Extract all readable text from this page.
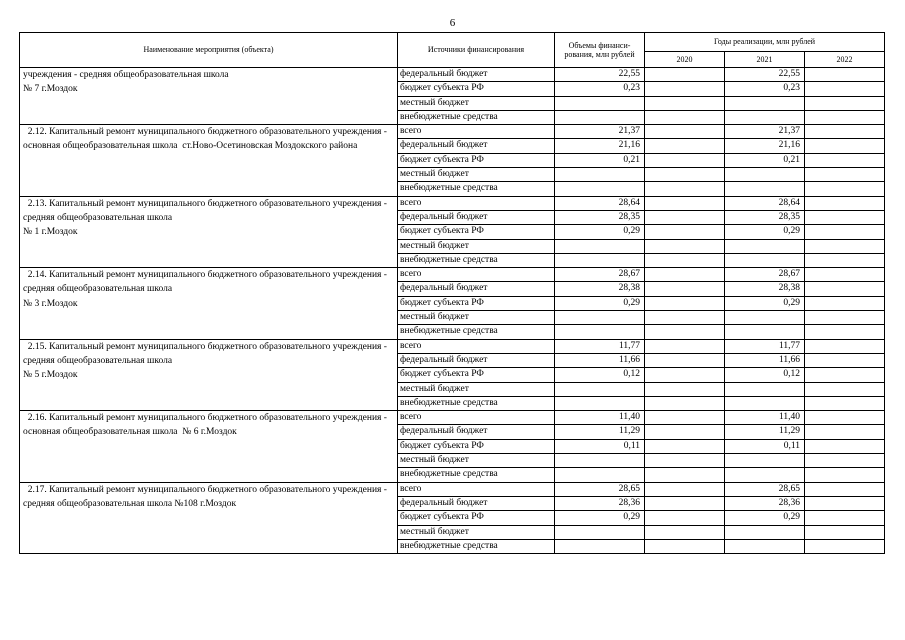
6
Наименование мероприятия (объекта)	Источники финансирования	Объемы финанси-рования, млн рублей	Годы реализации, млн рублей		
			2020	2021	2022
учреждения - средняя общеобразовательная школа
№ 7 г.Моздок	федеральный бюджет	22,55		22,55	
	бюджет субъекта РФ	0,23		0,23	
	местный бюджет				
	внебюджетные средства				
2.12. Капитальный ремонт муниципального бюджетного образовательного учреждения - основная общеобразовательная школа  ст.Ново-Осетиновская Моздокского района	всего	21,37		21,37	
	федеральный бюджет	21,16		21,16	
	бюджет субъекта РФ	0,21		0,21	
	местный бюджет				
	внебюджетные средства				
2.13. Капитальный ремонт муниципального бюджетного образовательного учреждения - средняя общеобразовательная школа
№ 1 г.Моздок	всего	28,64		28,64	
	федеральный бюджет	28,35		28,35	
	бюджет субъекта РФ	0,29		0,29	
	местный бюджет				
	внебюджетные средства				
2.14. Капитальный ремонт муниципального бюджетного образовательного учреждения - средняя общеобразовательная школа
№ 3 г.Моздок	всего	28,67		28,67	
	федеральный бюджет	28,38		28,38	
	бюджет субъекта РФ	0,29		0,29	
	местный бюджет				
	внебюджетные средства				
2.15. Капитальный ремонт муниципального бюджетного образовательного учреждения - средняя общеобразовательная школа
№ 5 г.Моздок	всего	11,77		11,77	
	федеральный бюджет	11,66		11,66	
	бюджет субъекта РФ	0,12		0,12	
	местный бюджет				
	внебюджетные средства				
2.16. Капитальный ремонт муниципального бюджетного образовательного учреждения - основная общеобразовательная школа  № 6 г.Моздок	всего	11,40		11,40	
	федеральный бюджет	11,29		11,29	
	бюджет субъекта РФ	0,11		0,11	
	местный бюджет				
	внебюджетные средства				
2.17. Капитальный ремонт муниципального бюджетного образовательного учреждения - средняя общеобразовательная школа №108 г.Моздок	всего	28,65		28,65	
	федеральный бюджет	28,36		28,36	
	бюджет субъекта РФ	0,29		0,29	
	местный бюджет				
	внебюджетные средства				
